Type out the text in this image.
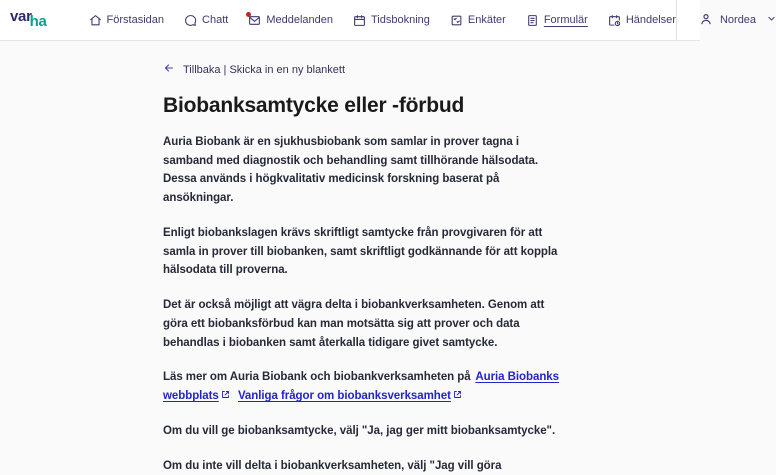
varha	Förstasidan	Chatt	Meddelanden	Tidsbokning	Enkäter	Formulär	Händelser	Nordea
Tillbaka | Skicka in en ny blankett
Biobanksamtycke eller -förbud

Auria Biobank är en sjukhusbiobank som samlar in prover tagna i samband med diagnostik och behandling samt tillhörande hälsodata. Dessa används i högkvalitativ medicinsk forskning baserat på ansökningar.

Enligt biobankslagen krävs skriftligt samtycke från provgivaren för att samla in prover till biobanken, samt skriftligt godkännande för att koppla hälsodata till proverna.

Det är också möjligt att vägra delta i biobankverksamheten. Genom att göra ett biobanksförbud kan man motsätta sig att prover och data behandlas i biobanken samt återkalla tidigare givet samtycke.

Läs mer om Auria Biobank och biobankverksamheten på Auria Biobanks webbplats Vanliga frågor om biobanksverksamhet

Om du vill ge biobanksamtycke, välj "Ja, jag ger mitt biobanksamtycke".

Om du inte vill delta i biobankverksamheten, välj "Jag vill göra
